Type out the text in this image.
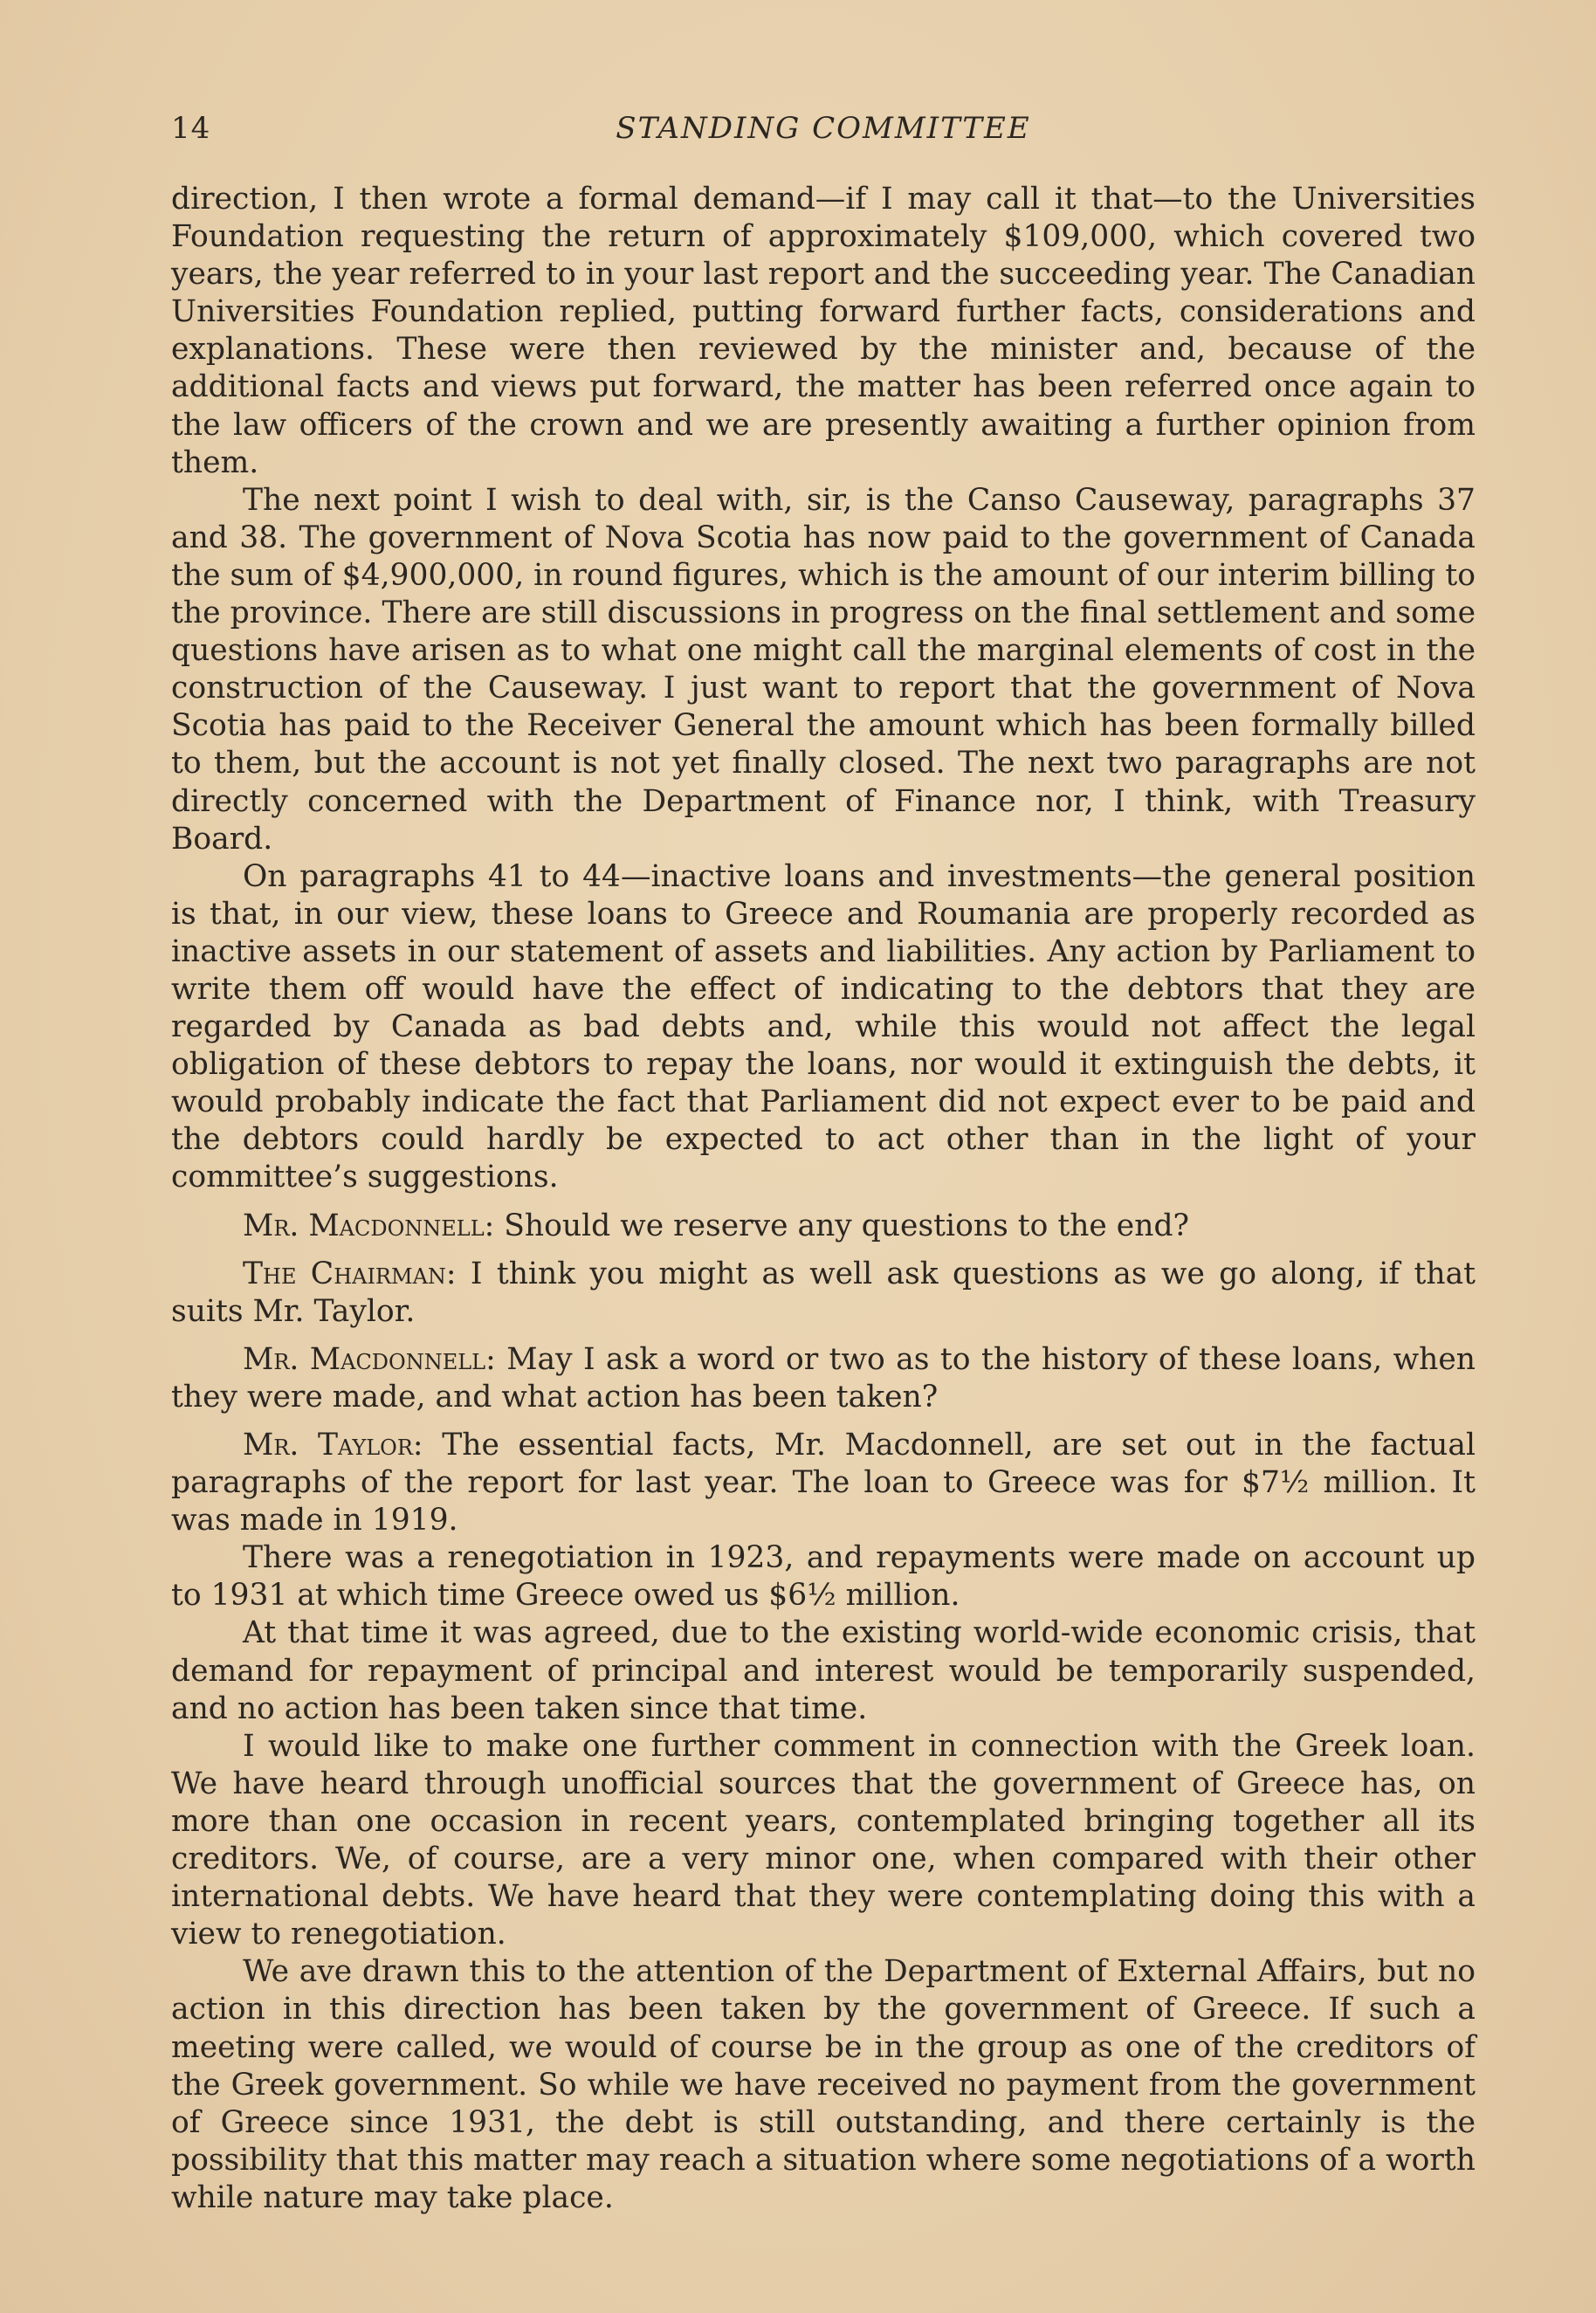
14	STANDING COMMITTEE

direction, I then wrote a formal demand—if I may call it that—to the Universities Foundation requesting the return of approximately $109,000, which covered two years, the year referred to in your last report and the succeeding year. The Canadian Universities Foundation replied, putting forward further facts, considerations and explanations. These were then reviewed by the minister and, because of the additional facts and views put forward, the matter has been referred once again to the law officers of the crown and we are presently awaiting a further opinion from them.

The next point I wish to deal with, sir, is the Canso Causeway, paragraphs 37 and 38. The government of Nova Scotia has now paid to the government of Canada the sum of $4,900,000, in round figures, which is the amount of our interim billing to the province. There are still discussions in progress on the final settlement and some questions have arisen as to what one might call the marginal elements of cost in the construction of the Causeway. I just want to report that the government of Nova Scotia has paid to the Receiver General the amount which has been formally billed to them, but the account is not yet finally closed. The next two paragraphs are not directly concerned with the Department of Finance nor, I think, with Treasury Board.

On paragraphs 41 to 44—inactive loans and investments—the general position is that, in our view, these loans to Greece and Roumania are properly recorded as inactive assets in our statement of assets and liabilities. Any action by Parliament to write them off would have the effect of indicating to the debtors that they are regarded by Canada as bad debts and, while this would not affect the legal obligation of these debtors to repay the loans, nor would it extinguish the debts, it would probably indicate the fact that Parliament did not expect ever to be paid and the debtors could hardly be expected to act other than in the light of your committee’s suggestions.

Mr. Macdonnell: Should we reserve any questions to the end?

The Chairman: I think you might as well ask questions as we go along, if that suits Mr. Taylor.

Mr. Macdonnell: May I ask a word or two as to the history of these loans, when they were made, and what action has been taken?

Mr. Taylor: The essential facts, Mr. Macdonnell, are set out in the factual paragraphs of the report for last year. The loan to Greece was for $7½ million. It was made in 1919.

There was a renegotiation in 1923, and repayments were made on account up to 1931 at which time Greece owed us $6½ million.

At that time it was agreed, due to the existing world-wide economic crisis, that demand for repayment of principal and interest would be temporarily suspended, and no action has been taken since that time.

I would like to make one further comment in connection with the Greek loan. We have heard through unofficial sources that the government of Greece has, on more than one occasion in recent years, contemplated bringing together all its creditors. We, of course, are a very minor one, when compared with their other international debts. We have heard that they were contemplating doing this with a view to renegotiation.

We ave drawn this to the attention of the Department of External Affairs, but no action in this direction has been taken by the government of Greece. If such a meeting were called, we would of course be in the group as one of the creditors of the Greek government. So while we have received no payment from the government of Greece since 1931, the debt is still outstanding, and there certainly is the possibility that this matter may reach a situation where some negotiations of a worth while nature may take place.
